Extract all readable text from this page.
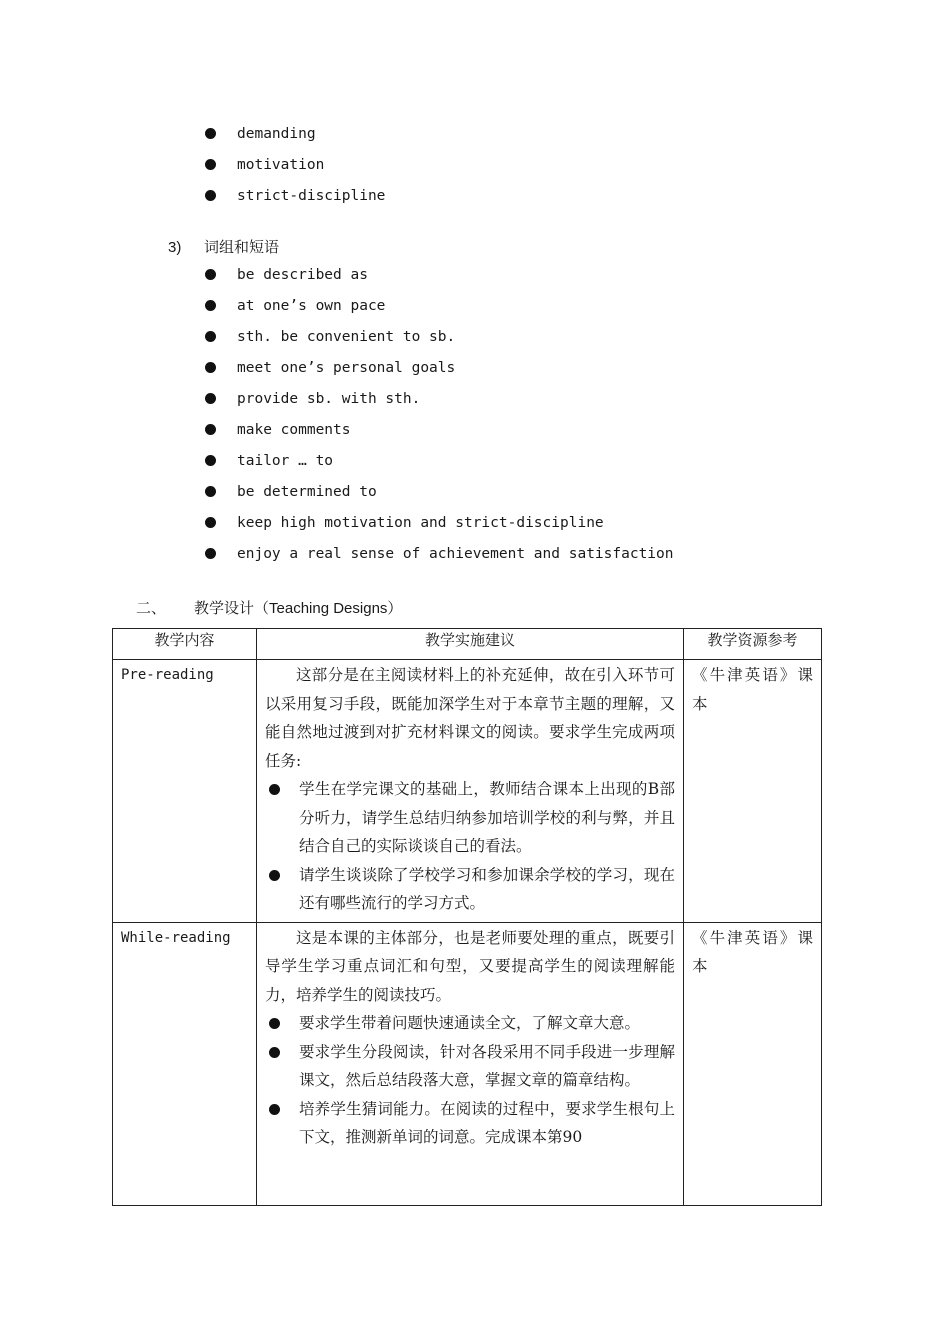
demanding
motivation
strict-discipline
3) 词组和短语
be described as
at one’s own pace
sth. be convenient to sb.
meet one’s personal goals
provide sb. with sth.
make comments
tailor … to
be determined to
keep high motivation and strict-discipline
enjoy a real sense of achievement and satisfaction
二、 教学设计（Teaching Designs）
教学内容	教学实施建议	教学资源参考
Pre-reading	这部分是在主阅读材料上的补充延伸，故在引入环节可以采用复习手段，既能加深学生对于本章节主题的理解，又能自然地过渡到对扩充材料课文的阅读。要求学生完成两项任务:

学生在学完课文的基础上，教师结合课本上出现的B部分听力，请学生总结归纳参加培训学校的利与弊，并且结合自己的实际谈谈自己的看法。
请学生谈谈除了学校学习和参加课余学校的学习，现在还有哪些流行的学习方式。	《牛津英语》课本
While-reading	这是本课的主体部分，也是老师要处理的重点，既要引导学生学习重点词汇和句型，又要提高学生的阅读理解能力，培养学生的阅读技巧。

要求学生带着问题快速通读全文，了解文章大意。
要求学生分段阅读，针对各段采用不同手段进一步理解课文，然后总结段落大意，掌握文章的篇章结构。
培养学生猜词能力。在阅读的过程中，要求学生根句上下文，推测新单词的词意。完成课本第90	《牛津英语》课本
